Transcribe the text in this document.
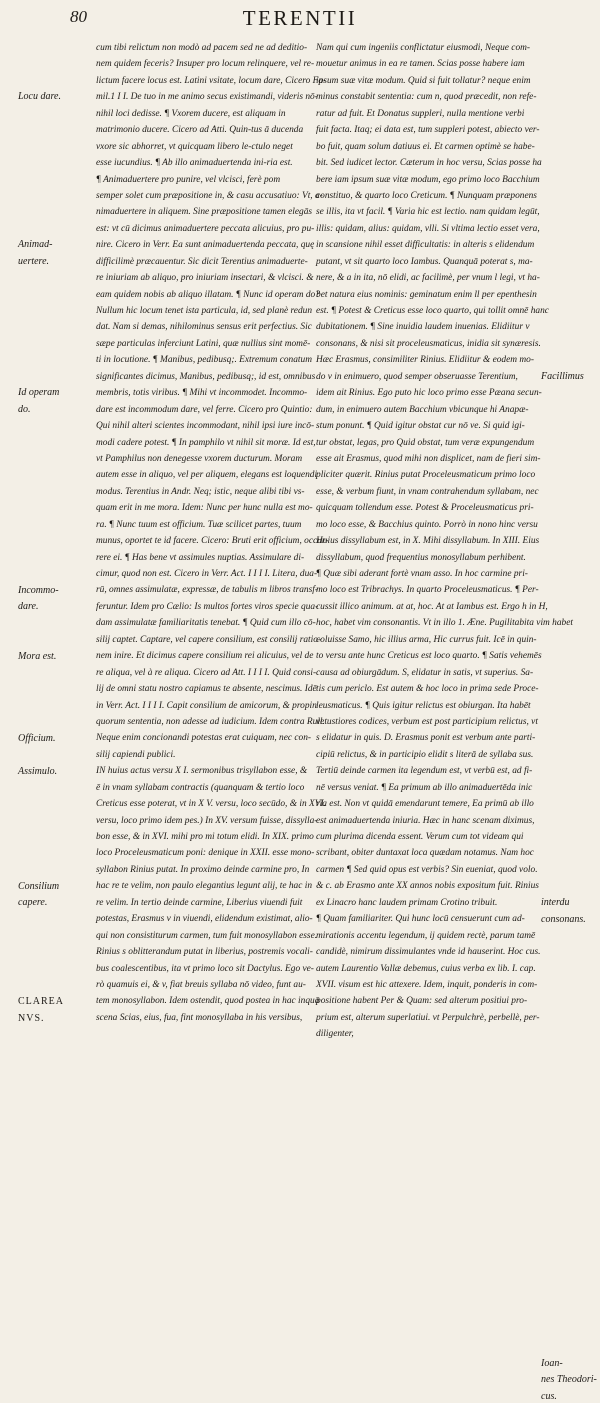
80	TERENTII
Locu dare.
Animad-
uertere.
Id operam
do.
Incommo-
dare.
Mora est.
Officium.
Assimulo.
Consilium
capere.
CLAREA
NVS.
Facillimus
interdu
consonans.
Ioan-
nes Theodori-
cus.
cum tibi relictum non modò ad pacem sed ne ad deditio-
nem quidem feceris? Insuper pro locum relinquere, vel re-
lictum facere locus est. Latini vsitate, locum dare, Cicero Fa-
mil.1 I I. De tuo in me animo secus existimandi, videris nō-
nihil loci dedisse. ¶ Vxorem ducere, est aliquam in
matrimonio ducere. Cicero ad Atti. Quin-tus ā ducenda
vxore sic abhorret, vt quicquam libero le-ctulo neget
esse iucundius. ¶ Ab illo animaduertenda ini-ria est.
¶ Animaduertere pro punire, vel vlcisci, ferè pom
semper solet cum præpositione in, & casu accusatiuo: Vt, a-
nimaduertere in aliquem. Sine præpositione tamen elegās
est: vt cū dicimus animaduertere peccata alicuius, pro pu-
nire. Cicero in Verr. Ea sunt animaduertenda peccata, quę
difficilimè præcauentur. Sic dicit Terentius animaduerte-
re iniuriam ab aliquo, pro iniuriam insectari, & vlcisci. &
eam quidem nobis ab aliquo illatam. ¶ Nunc id operam do?
Nullum hic locum tenet ista particula, id, sed planè redun
dat. Nam si demas, nihilominus sensus erit perfectius. Sic
sæpe particulas inferciunt Latini, quæ nullius sint momē-
ti in locutione. ¶ Manibus, pedibusq;. Extremum conatum
significantes dicimus, Manibus, pedibusq;, id est, omnibus
membris, totis viribus. ¶ Mihi vt incommodet. Incommo-
dare est incommodum dare, vel ferre. Cicero pro Quintio:
Qui nihil alteri scientes incommodant, nihil ipsi iure incō-
modi cadere potest. ¶ In pamphilo vt nihil sit moræ. Id est,
vt Pamphilus non denegesse vxorem ducturum. Moram
autem esse in aliquo, vel per aliquem, elegans est loquendi
modus. Terentius in Andr. Neq; istic, neque alibi tibi vs-
quam erit in me mora. Idem: Nunc per hunc nulla est mo-
ra. ¶ Nunc tuum est officium. Tuæ scilicet partes, tuum
munus, oportet te id facere. Cicero: Bruti erit officium, occur-
rere ei. ¶ Has bene vt assimules nuptias. Assimulare di-
cimur, quod non est. Cicero in Verr. Act. I I I I. Litera, dua-
rū, omnes assimulatæ, expressæ, de tabulis m libros transf-
feruntur. Idem pro Cælio: Is multos fortes viros specie qua-
dam assimulatæ familiaritatis tenebat. ¶ Quid cum illo cō-
silij captet. Captare, vel capere consilium, est consilij ratio-
nem inire. Et dicimus capere consilium rei alicuius, vel de
re aliqua, vel à re aliqua. Cicero ad Att. I I I I. Quid consi-
lij de omni statu nostro capiamus te absente, nescimus. Idē
in Verr. Act. I I I I. Capit consilium de amicorum, & propin
quorum sententia, non adesse ad iudicium. Idem contra Rull.
Neque enim concionandi potestas erat cuiquam, nec con-
silij capiendi publici.
IN huius actus versu X I. sermonibus trisyllabon esse, &
ē in vnam syllabam contractis (quanquam & tertio loco
Creticus esse poterat, vt in X V. versu, loco secūdo, & in XVI.
versu, loco primo idem pes.) In XV. versum fuisse, dissylla-
bon esse, & in XVI. mihi pro mi totum elidi. In XIX. primo
loco Proceleusmaticum poni: denique in XXII. esse mono-
syllabon Rinius putat. In proximo deinde carmine pro, In
hac re te velim, non paulo elegantius legunt alij, te hac in
re velim. In tertio deinde carmine, Liberius viuendi fuit
potestas, Erasmus v in viuendi, elidendum existimat, alio-
qui non consistiturum carmen, tum fuit monosyllabon esse.
Rinius s oblitterandum putat in liberius, postremis vocali-
bus coalescentibus, ita vt primo loco sit Dactylus. Ego ve-
rò quamuis ei, & v, fiat breuis syllaba nō video, funt au-
tem monosyllabon. Idem ostendit, quod postea in hac inquā
scena Scias, eius, fua, fint monosyllaba in his versibus,
Nam qui cum ingeniis conflictatur eiusmodi, Neque com-
mouetur animus in ea re tamen. Scias posse habere iam
ipsum suæ vitæ modum. Quid si fuit tollatur? neque enim
minus constabit sententia: cum n, quod præcedit, non refe-
ratur ad fuit. Et Donatus suppleri, nulla mentione verbi
fuit facta. Itaq; ei data est, tum suppleri potest, abiecto ver-
bo fuit, quam solum datiuus ei. Et carmen optimè se habe-
bit. Sed iudicet lector. Cæterum in hoc versu, Scias posse ha
bere iam ipsum suæ vitæ modum, ego primo loco Bacchium
constituo, & quarto loco Creticum. ¶ Nunquam præponens
se illis, ita vt facil. ¶ Varia hic est lectio. nam quidam legūt,
illis: quidam, alius: quidam, vlli. Si vltima lectio esset vera,
in scansione nihil esset difficultatis: in alteris s elidendum
putant, vt sit quarto loco Iambus. Quanquā poterat s, ma-
nere, & a in ita, nō elidi, ac facilimè, per vnum l legi, vt ha-
bet natura eius nominis: geminatum enim ll per epenthesin
est. ¶ Potest & Creticus esse loco quarto, qui tollit omnē hanc
dubitationem. ¶ Sine inuidia laudem inuenias. Elidiitur v
consonans, & nisi sit proceleusmaticus, inidia sit synæresis.
Hæc Erasmus, consimiliter Rinius. Elidiitur & eodem mo-
do v in enimuero, quod semper obseruasse Terentium,
idem ait Rinius. Ego puto hic loco primo esse Pæana secun-
dum, in enimuero autem Bacchium vbicunque hi Anapæ-
stum ponunt. ¶ Quid igitur obstat cur nō ve. Si quid igi-
tur obstat, legas, pro Quid obstat, tum veræ expungendum
esse ait Erasmus, quod mihi non displicet, nam de fieri sim-
pliciter quærit. Rinius putat Proceleusmaticum primo loco
esse, & verbum fiunt, in vnam contrahendum syllabam, nec
quicquam tollendum esse. Potest & Proceleusmaticus pri-
mo loco esse, & Bacchius quinto. Porrò in nono hinc versu
Huius dissyllabum est, in X. Mihi dissyllabum. In XIII. Eius
dissyllabum, quod frequentius monosyllabum perhibent.
¶ Quæ sibi aderant fortè vnam asso. In hoc carmine pri-
mo loco est Tribrachys. In quarto Proceleusmaticus. ¶ Per-
cussit illico animum. at at, hoc. At at Iambus est. Ergo h in H,
hoc, habet vim consonantis. Vt in illo 1. Æne. Pugilitabita vim habet
coluisse Samo, hic illius arma, Hic currus fuit. Icē in quin-
to versu ante hunc Creticus est loco quarto. ¶ Satis vehemēs
causa ad obiurgādum. S, elidatur in satis, vt superius. Sa-
tis cum periclo. Est autem & hoc loco in prima sede Proce-
leusmaticus. ¶ Quis igitur relictus est obiurgan. Ita habēt
vetustiores codices, verbum est post participium relictus, vt
s elidatur in quis. D. Erasmus ponit est verbum ante parti-
cipiū relictus, & in participio elidit s literā de syllaba sus.
Tertiū deinde carmen ita legendum est, vt verbū est, ad fi-
nē versus veniat. ¶ Ea primum ab illo animaduertēda inic
ria est. Non vt quidā emendarunt temere, Ea primū ab illo
est animaduertenda iniuria. Hæc in hanc scenam diximus,
cum plurima dicenda essent. Verum cum tot videam qui
scribant, obiter duntaxat loca quædam notamus. Nam hoc
carmen ¶ Sed quid opus est verbis? Sin eueniat, quod volo.
& c. ab Erasmo ante XX annos nobis expositum fuit. Rinius
ex Linacro hanc laudem primam Crotino tribuit.
¶ Quam familiariter. Qui hunc locū censuerunt cum ad-
mirationis accentu legendum, ij quidem rectè, parum tamē
candidè, nimirum dissimulantes vnde id hauserint. Hoc cus.
autem Laurentio Vallæ debemus, cuius verba ex lib. I. cap.
XVII. visum est hic attexere. Idem, inquit, ponderis in com-
positione habent Per & Quam: sed alterum positiui pro-
prium est, alterum superlatiui. vt Perpulchrè, perbellè, per-
diligenter,
